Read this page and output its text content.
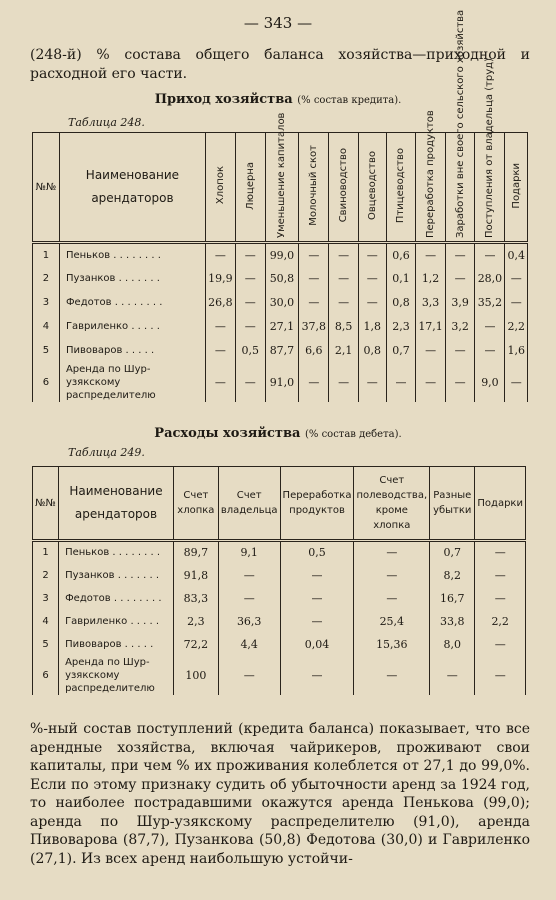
— 343 —
(248-й) % состава общего баланса хозяйства—приходной и расходной его части.
Приход хозяйства (% состав кредита).
Таблица 248.
№№	Наименование арендаторов	Хлопок	Люцерна	Уменьшение капиталов	Молочный скот	Свиноводство	Овцеводство	Птицеводство	Переработка продуктов	Заработки вне своего сельского хозяйства	Поступления от владельца (труд)	Подарки
1	Пеньков . . . . . . . .	—	—	99,0	—	—	—	0,6	—	—	—	0,4
2	Пузанков . . . . . . .	19,9	—	50,8	—	—	—	0,1	1,2	—	28,0	—
3	Федотов . . . . . . . .	26,8	—	30,0	—	—	—	0,8	3,3	3,9	35,2	—
4	Гавриленко . . . . .	—	—	27,1	37,8	8,5	1,8	2,3	17,1	3,2	—	2,2
5	Пивоваров . . . . .	—	0,5	87,7	6,6	2,1	0,8	0,7	—	—	—	1,6
6	Аренда по Шур-узякскому распределителю	—	—	91,0	—	—	—	—	—	—	9,0	—
Расходы хозяйства (% состав дебета).
Таблица 249.
№№	Наименование арендаторов	Счет хлопка	Счет владельца	Переработка продуктов	Счет полеводства, кроме хлопка	Разные убытки	Подарки
1	Пеньков . . . . . . . .	89,7	9,1	0,5	—	0,7	—
2	Пузанков . . . . . . .	91,8	—	—	—	8,2	—
3	Федотов . . . . . . . .	83,3	—	—	—	16,7	—
4	Гавриленко . . . . .	2,3	36,3	—	25,4	33,8	2,2
5	Пивоваров . . . . .	72,2	4,4	0,04	15,36	8,0	—
6	Аренда по Шур-узякскому распределителю	100	—	—	—	—	—
%-ный состав поступлений (кредита баланса) показывает, что все арендные хозяйства, включая чайрикеров, проживают свои капиталы, при чем % их проживания колеблется от 27,1 до 99,0%. Если по этому признаку судить об убыточности аренд за 1924 год, то наиболее пострадавшими окажутся аренда Пенькова (99,0); аренда по Шур-узякскому распределителю (91,0), аренда Пивоварова (87,7), Пузанкова (50,8) Федотова (30,0) и Гавриленко (27,1). Из всех аренд наибольшую устойчи-
